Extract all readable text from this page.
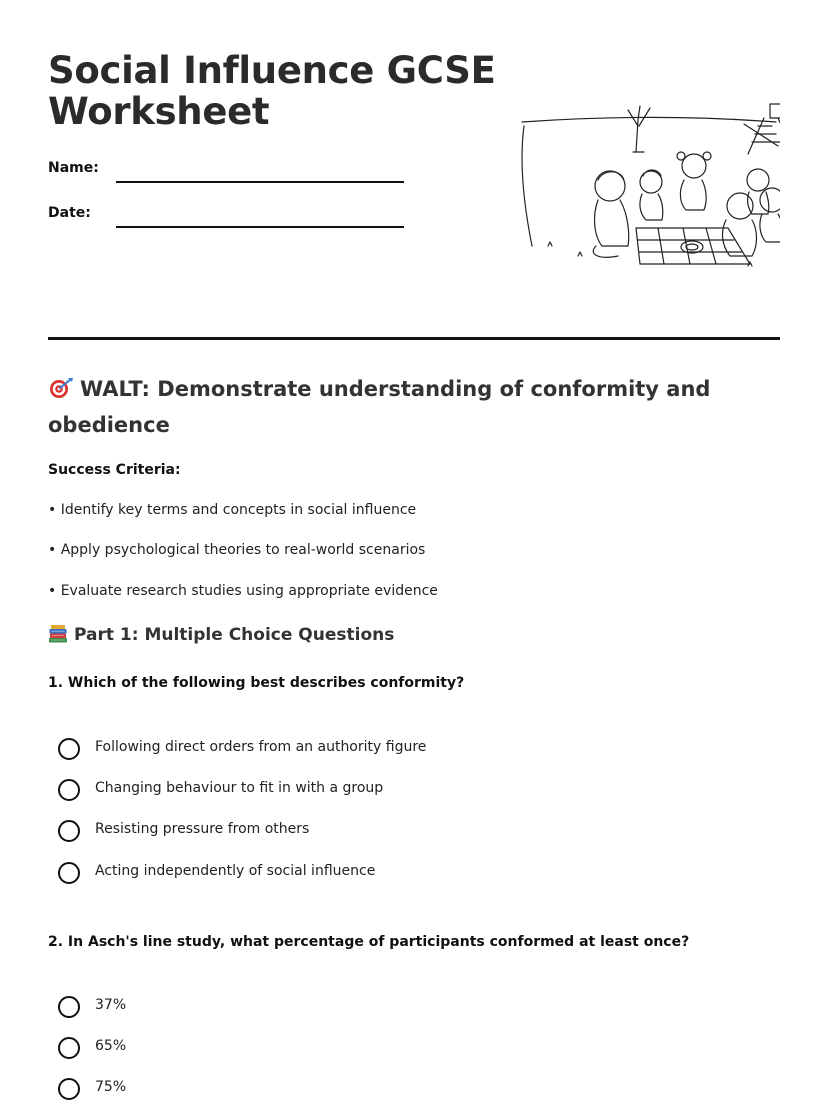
Social Influence GCSE Worksheet
Name:
Date:
WALT: Demonstrate understanding of conformity and obedience
Success Criteria:
• Identify key terms and concepts in social influence
• Apply psychological theories to real-world scenarios
• Evaluate research studies using appropriate evidence
Part 1: Multiple Choice Questions
1. Which of the following best describes conformity?
Following direct orders from an authority figure
Changing behaviour to fit in with a group
Resisting pressure from others
Acting independently of social influence
2. In Asch's line study, what percentage of participants conformed at least once?
37%
65%
75%
